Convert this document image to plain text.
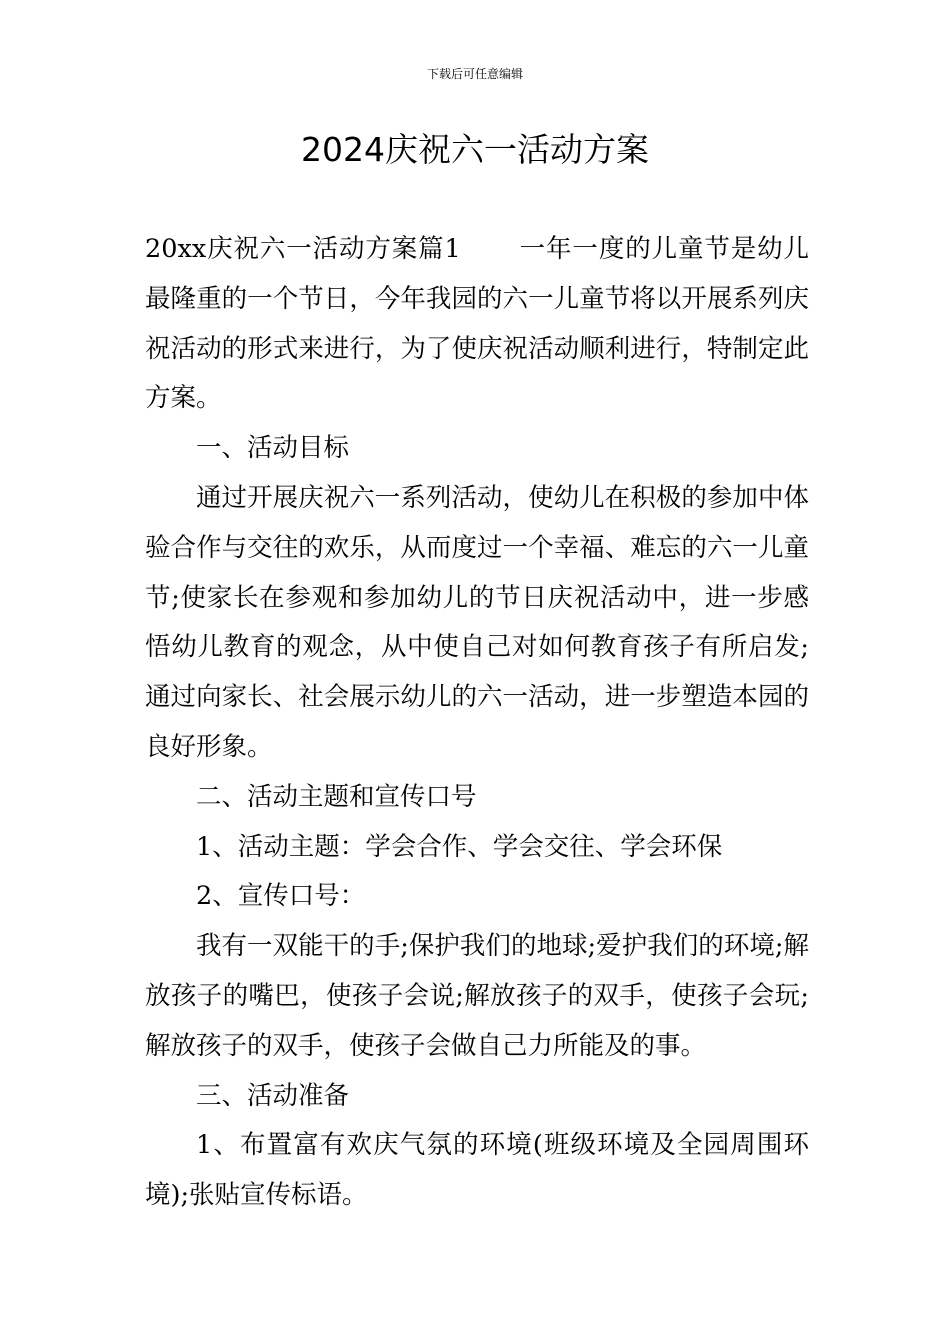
下载后可任意编辑
2024庆祝六一活动方案

20xx庆祝六一活动方案篇1 一年一度的儿童节是幼儿最隆重的一个节日，今年我园的六一儿童节将以开展系列庆祝活动的形式来进行，为了使庆祝活动顺利进行，特制定此方案。

一、活动目标

通过开展庆祝六一系列活动，使幼儿在积极的参加中体验合作与交往的欢乐，从而度过一个幸福、难忘的六一儿童节;使家长在参观和参加幼儿的节日庆祝活动中，进一步感悟幼儿教育的观念，从中使自己对如何教育孩子有所启发;通过向家长、社会展示幼儿的六一活动，进一步塑造本园的良好形象。

二、活动主题和宣传口号

1、活动主题：学会合作、学会交往、学会环保

2、宣传口号：

我有一双能干的手;保护我们的地球;爱护我们的环境;解放孩子的嘴巴，使孩子会说;解放孩子的双手，使孩子会玩;解放孩子的双手，使孩子会做自己力所能及的事。

三、活动准备

1、布置富有欢庆气氛的环境(班级环境及全园周围环境);张贴宣传标语。
